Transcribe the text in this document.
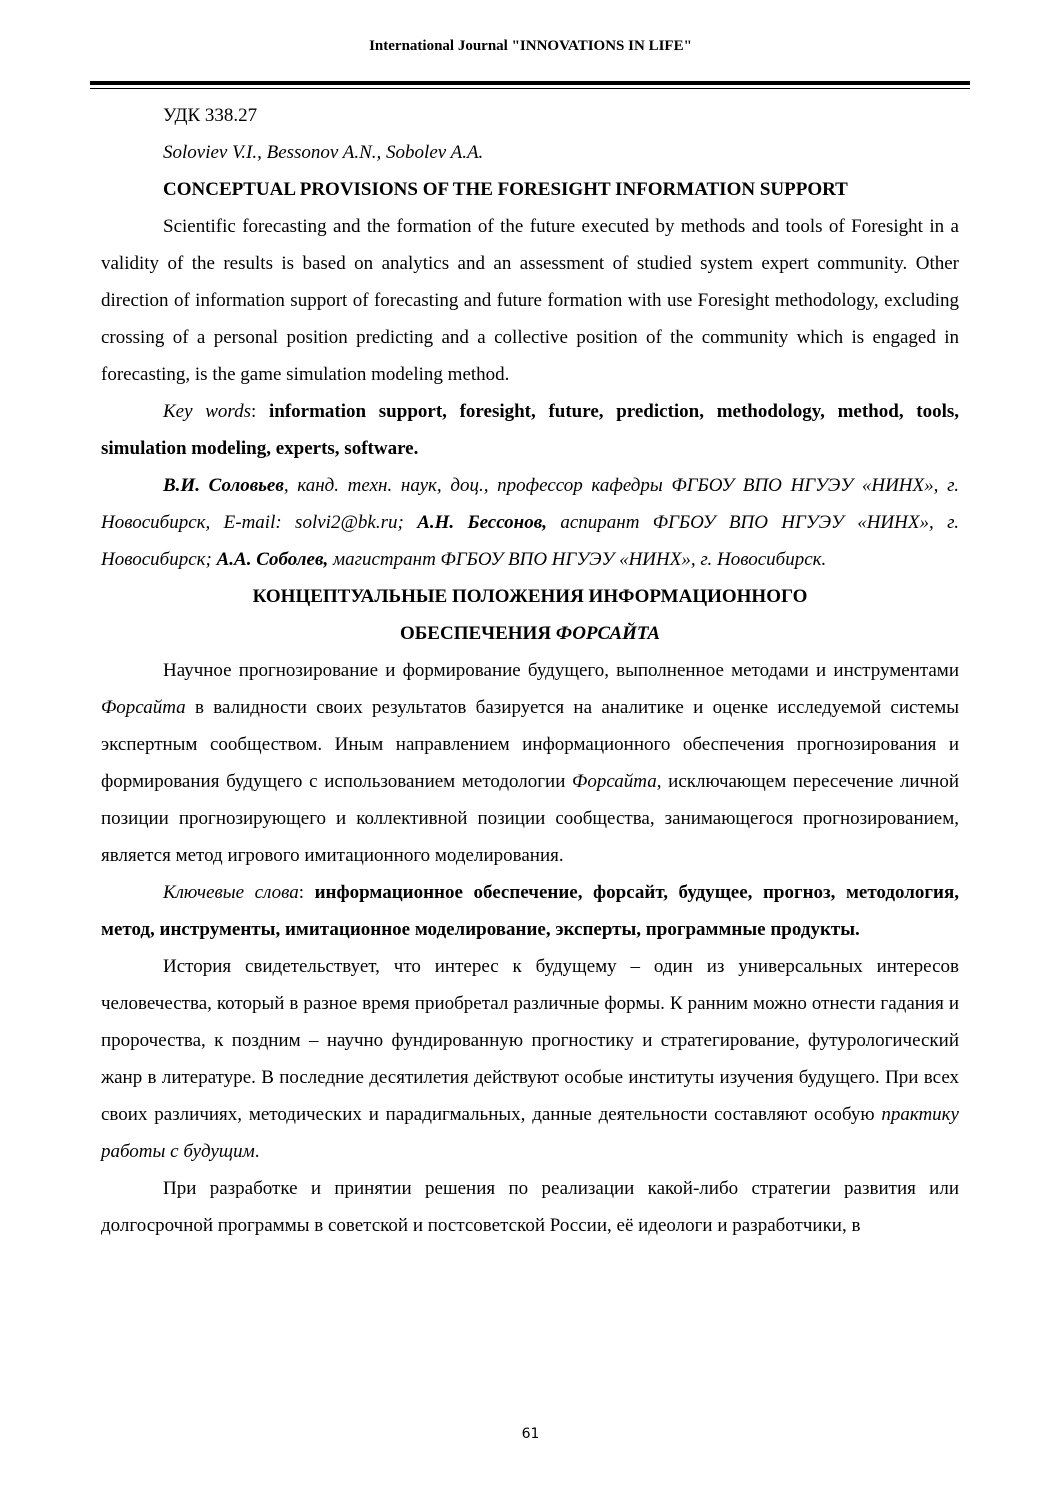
International Journal "INNOVATIONS IN LIFE"

УДК 338.27

Soloviev V.I., Bessonov A.N., Sobolev A.A.

CONCEPTUAL PROVISIONS OF THE FORESIGHT INFORMATION SUPPORT

Scientific forecasting and the formation of the future executed by methods and tools of Foresight in a validity of the results is based on analytics and an assessment of studied system expert community. Other direction of information support of forecasting and future formation with use Foresight methodology, excluding crossing of a personal position predicting and a collective position of the community which is engaged in forecasting, is the game simulation modeling method.

Key words: information support, foresight, future, prediction, methodology, method, tools, simulation modeling, experts, software.

В.И. Соловьев, канд. техн. наук, доц., профессор кафедры ФГБОУ ВПО НГУЭУ «НИНХ», г. Новосибирск, E-mail: solvi2@bk.ru; А.Н. Бессонов, аспирант ФГБОУ ВПО НГУЭУ «НИНХ», г. Новосибирск; А.А. Соболев, магистрант ФГБОУ ВПО НГУЭУ «НИНХ», г. Новосибирск.

КОНЦЕПТУАЛЬНЫЕ ПОЛОЖЕНИЯ ИНФОРМАЦИОННОГО

ОБЕСПЕЧЕНИЯ ФОРСАЙТА

Научное прогнозирование и формирование будущего, выполненное методами и инструментами Форсайта в валидности своих результатов базируется на аналитике и оценке исследуемой системы экспертным сообществом. Иным направлением информационного обеспечения прогнозирования и формирования будущего с использованием методологии Форсайта, исключающем пересечение личной позиции прогнозирующего и коллективной позиции сообщества, занимающегося прогнозированием, является метод игрового имитационного моделирования.

Ключевые слова: информационное обеспечение, форсайт, будущее, прогноз, методология, метод, инструменты, имитационное моделирование, эксперты, программные продукты.

История свидетельствует, что интерес к будущему – один из универсальных интересов человечества, который в разное время приобретал различные формы. К ранним можно отнести гадания и пророчества, к поздним – научно фундированную прогностику и стратегирование, футурологический жанр в литературе. В последние десятилетия действуют особые институты изучения будущего. При всех своих различиях, методических и парадигмальных, данные деятельности составляют особую практику работы с будущим.

При разработке и принятии решения по реализации какой-либо стратегии развития или долгосрочной программы в советской и постсоветской России, её идеологи и разработчики, в

61
